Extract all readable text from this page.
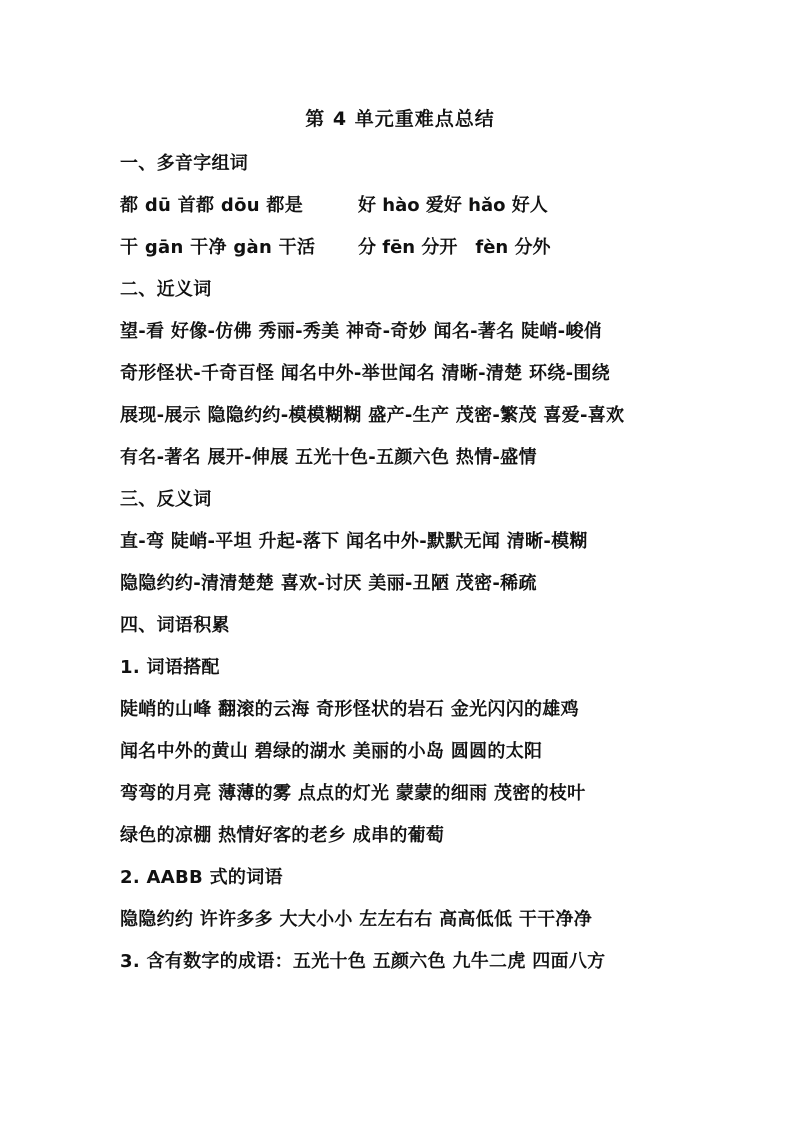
第 4 单元重难点总结
一、多音字组词
都 dū 首都 dōu 都是	好 hào 爱好 hǎo 好人
干 gān 干净 gàn 干活 分 fēn 分开　fèn 分外
二、近义词
望-看 好像-仿佛 秀丽-秀美 神奇-奇妙 闻名-著名 陡峭-峻俏
奇形怪状-千奇百怪 闻名中外-举世闻名 清晰-清楚 环绕-围绕
展现-展示 隐隐约约-模模糊糊 盛产-生产 茂密-繁茂 喜爱-喜欢
有名-著名 展开-伸展 五光十色-五颜六色 热情-盛情
三、反义词
直-弯 陡峭-平坦 升起-落下 闻名中外-默默无闻 清晰-模糊
隐隐约约-清清楚楚 喜欢-讨厌 美丽-丑陋 茂密-稀疏
四、词语积累
1. 词语搭配
陡峭的山峰 翻滚的云海 奇形怪状的岩石 金光闪闪的雄鸡
闻名中外的黄山 碧绿的湖水 美丽的小岛 圆圆的太阳
弯弯的月亮 薄薄的雾 点点的灯光 蒙蒙的细雨 茂密的枝叶
绿色的凉棚 热情好客的老乡 成串的葡萄
2. AABB 式的词语
隐隐约约 许许多多 大大小小 左左右右 高高低低 干干净净
3. 含有数字的成语：五光十色 五颜六色 九牛二虎 四面八方
